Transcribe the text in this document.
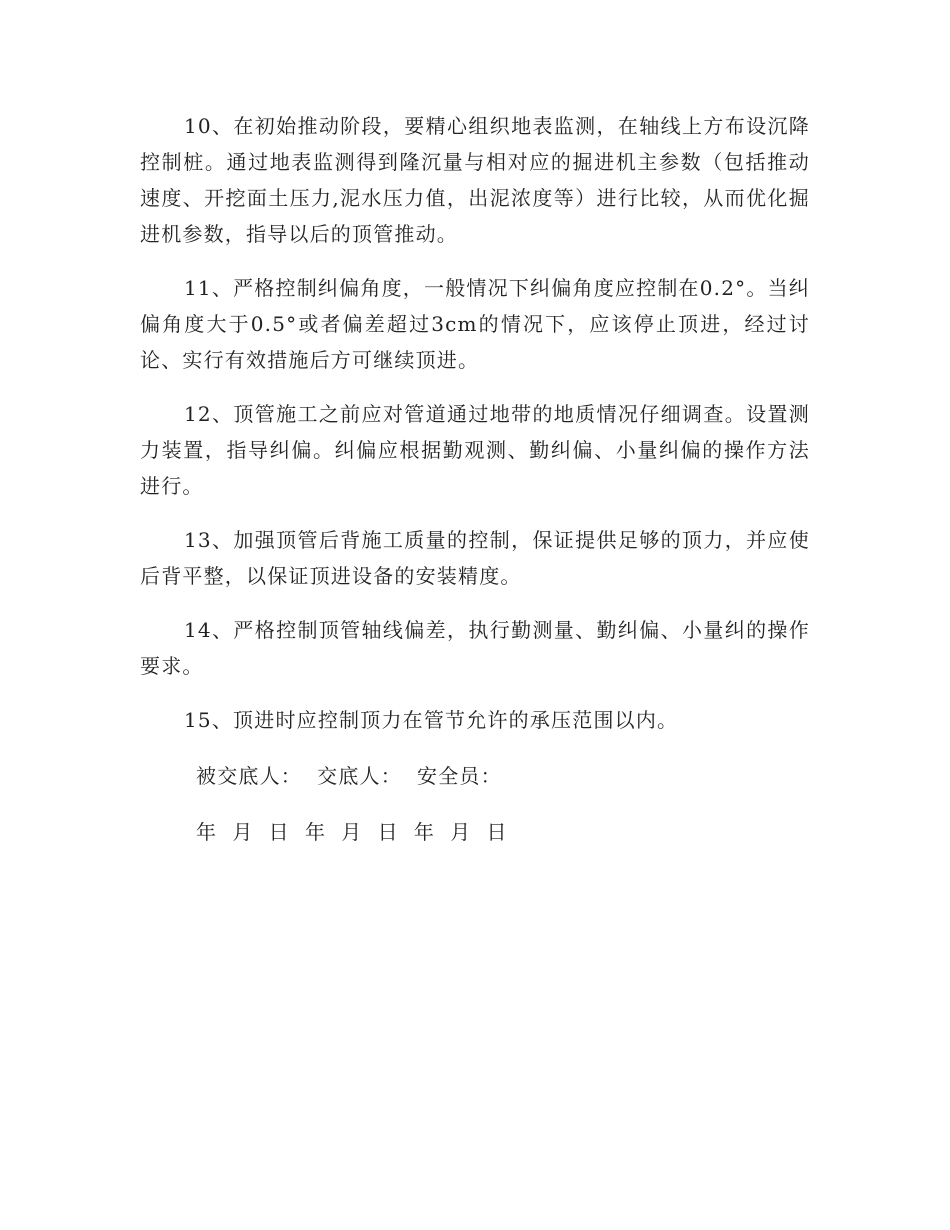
10、在初始推动阶段，要精心组织地表监测，在轴线上方布设沉降控制桩。通过地表监测得到隆沉量与相对应的掘进机主参数（包括推动速度、开挖面土压力,泥水压力值，出泥浓度等）进行比较，从而优化掘进机参数，指导以后的顶管推动。

11、严格控制纠偏角度，一般情况下纠偏角度应控制在0.2°。当纠偏角度大于0.5°或者偏差超过3cm的情况下，应该停止顶进，经过讨论、实行有效措施后方可继续顶进。

12、顶管施工之前应对管道通过地带的地质情况仔细调查。设置测力装置，指导纠偏。纠偏应根据勤观测、勤纠偏、小量纠偏的操作方法进行。

13、加强顶管后背施工质量的控制，保证提供足够的顶力，并应使后背平整，以保证顶进设备的安装精度。

14、严格控制顶管轴线偏差，执行勤测量、勤纠偏、小量纠的操作要求。

15、顶进时应控制顶力在管节允许的承压范围以内。

被交底人：  交底人：  安全员：

年  月  日  年  月  日  年  月  日
